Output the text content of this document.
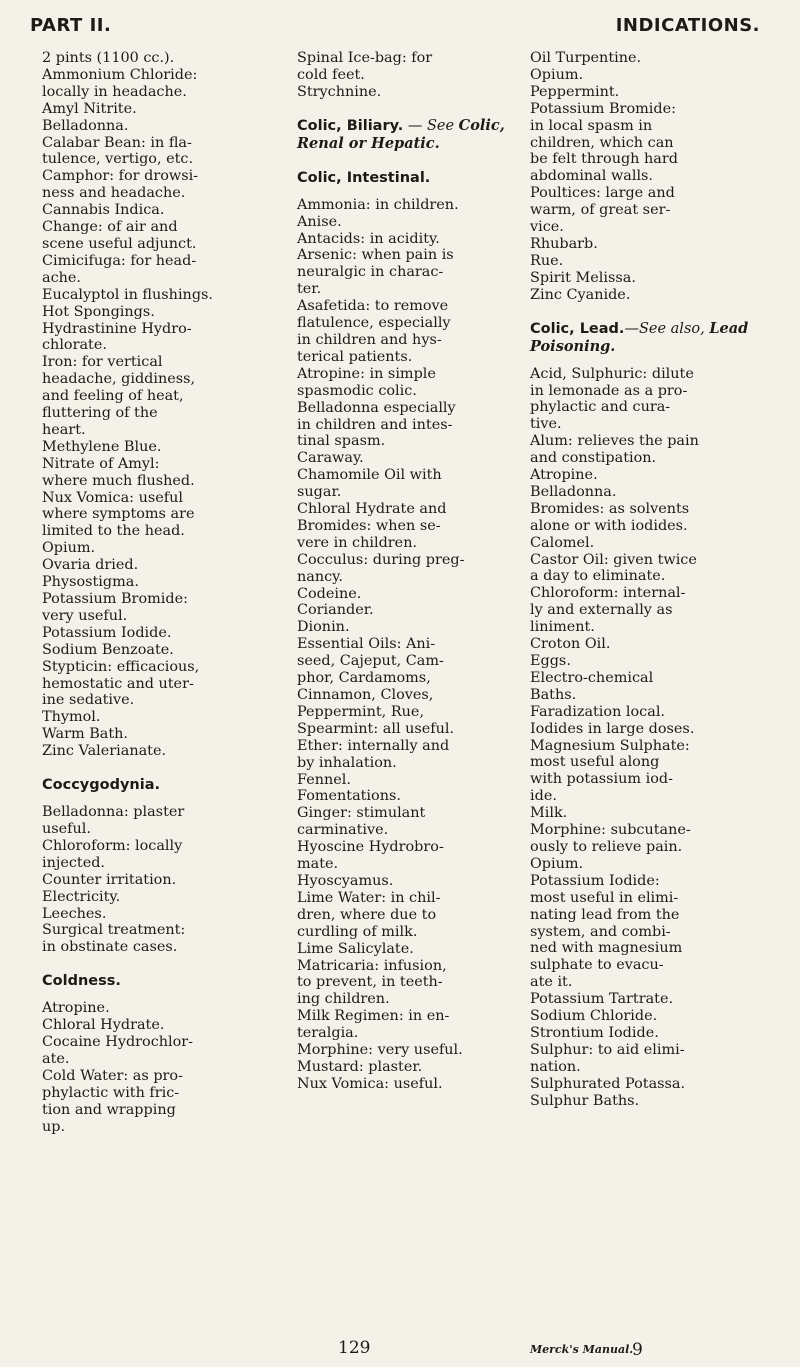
PART II.	INDICATIONS.
2 pints (1100 cc.).
Ammonium Chloride:
locally in headache.
Amyl Nitrite.
Belladonna.
Calabar Bean: in fla-
tulence, vertigo, etc.
Camphor: for drowsi-
ness and headache.
Cannabis Indica.
Change: of air and
scene useful adjunct.
Cimicifuga: for head-
ache.
Eucalyptol in flushings.
Hot Spongings.
Hydrastinine Hydro-
chlorate.
Iron: for vertical
headache, giddiness,
and feeling of heat,
fluttering of the
heart.
Methylene Blue.
Nitrate of Amyl:
where much flushed.
Nux Vomica: useful
where symptoms are
limited to the head.
Opium.
Ovaria dried.
Physostigma.
Potassium Bromide:
very useful.
Potassium Iodide.
Sodium Benzoate.
Stypticin: efficacious,
hemostatic and uter-
ine sedative.
Thymol.
Warm Bath.
Zinc Valerianate.
Coccygodynia.
Belladonna: plaster
useful.
Chloroform: locally
injected.
Counter irritation.
Electricity.
Leeches.
Surgical treatment:
in obstinate cases.
Coldness.
Atropine.
Chloral Hydrate.
Cocaine Hydrochlor-
ate.
Cold Water: as pro-
phylactic with fric-
tion and wrapping
up.
Spinal Ice-bag: for
cold feet.
Strychnine.
Colic, Biliary. — See Colic, Renal or Hepatic.
Colic, Intestinal.
Ammonia: in children.
Anise.
Antacids: in acidity.
Arsenic: when pain is
neuralgic in charac-
ter.
Asafetida: to remove
flatulence, especially
in children and hys-
terical patients.
Atropine: in simple
spasmodic colic.
Belladonna especially
in children and intes-
tinal spasm.
Caraway.
Chamomile Oil with
sugar.
Chloral Hydrate and
Bromides: when se-
vere in children.
Cocculus: during preg-
nancy.
Codeine.
Coriander.
Dionin.
Essential Oils: Ani-
seed, Cajeput, Cam-
phor, Cardamoms,
Cinnamon, Cloves,
Peppermint, Rue,
Spearmint: all useful.
Ether: internally and
by inhalation.
Fennel.
Fomentations.
Ginger: stimulant
carminative.
Hyoscine Hydrobro-
mate.
Hyoscyamus.
Lime Water: in chil-
dren, where due to
curdling of milk.
Lime Salicylate.
Matricaria: infusion,
to prevent, in teeth-
ing children.
Milk Regimen: in en-
teralgia.
Morphine: very useful.
Mustard: plaster.
Nux Vomica: useful.
Oil Turpentine.
Opium.
Peppermint.
Potassium Bromide:
in local spasm in
children, which can
be felt through hard
abdominal walls.
Poultices: large and
warm, of great ser-
vice.
Rhubarb.
Rue.
Spirit Melissa.
Zinc Cyanide.
Colic, Lead.—See also, Lead Poisoning.
Acid, Sulphuric: dilute
in lemonade as a pro-
phylactic and cura-
tive.
Alum: relieves the pain
and constipation.
Atropine.
Belladonna.
Bromides: as solvents
alone or with iodides.
Calomel.
Castor Oil: given twice
a day to eliminate.
Chloroform: internal-
ly and externally as
liniment.
Croton Oil.
Eggs.
Electro-chemical
Baths.
Faradization local.
Iodides in large doses.
Magnesium Sulphate:
most useful along
with potassium iod-
ide.
Milk.
Morphine: subcutane-
ously to relieve pain.
Opium.
Potassium Iodide:
most useful in elimi-
nating lead from the
system, and combi-
ned with magnesium
sulphate to evacu-
ate it.
Potassium Tartrate.
Sodium Chloride.
Strontium Iodide.
Sulphur: to aid elimi-
nation.
Sulphurated Potassa.
Sulphur Baths.
129	Merck's Manual.
9
